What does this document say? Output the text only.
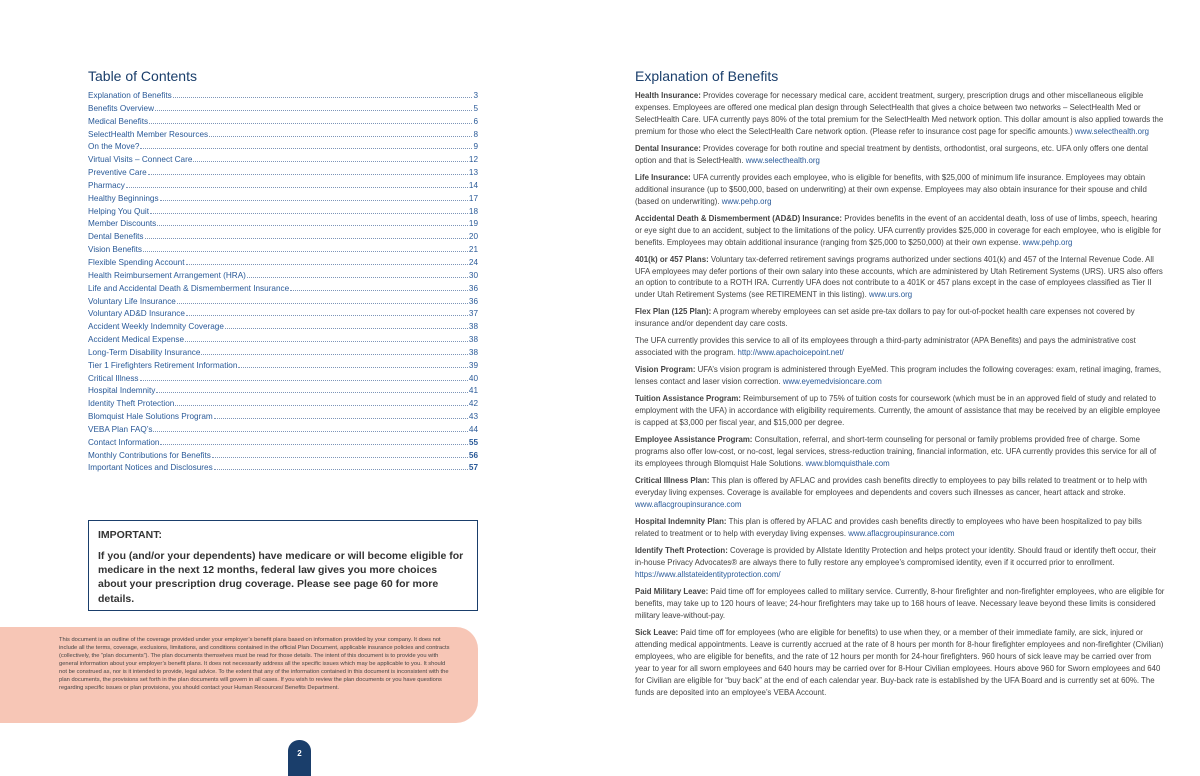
Table of Contents
Explanation of Benefits	3
Benefits Overview	5
Medical Benefits	6
SelectHealth Member Resources	8
On the Move?	9
Virtual Visits – Connect Care	12
Preventive Care	13
Pharmacy	14
Healthy Beginnings	17
Helping You Quit	18
Member Discounts	19
Dental Benefits	20
Vision Benefits	21
Flexible Spending Account	24
Health Reimbursement Arrangement (HRA)	30
Life and Accidental Death & Dismemberment Insurance	36
Voluntary Life Insurance	36
Voluntary AD&D Insurance	37
Accident Weekly Indemnity Coverage	38
Accident Medical Expense	38
Long-Term Disability Insurance	38
Tier 1 Firefighters Retirement Information	39
Critical Illness	40
Hospital Indemnity	41
Identity Theft Protection	42
Blomquist Hale Solutions Program	43
VEBA Plan FAQ’s	44
Contact Information	55
Monthly Contributions for Benefits	56
Important Notices and Disclosures	57
IMPORTANT:
If you (and/or your dependents) have medicare or will become eligible for medicare in the next 12 months, federal law gives you more choices about your prescription drug coverage. Please see page 60 for more details.
This document is an outline of the coverage provided under your employer’s benefit plans based on information provided by your company. It does not include all the terms, coverage, exclusions, limitations, and conditions contained in the official Plan Document, applicable insurance policies and contracts (collectively, the “plan documents”). The plan documents themselves must be read for those details. The intent of this document is to provide you with general information about your employer’s benefit plans. It does not necessarily address all the specific issues which may be applicable to you. It should not be construed as, nor is it intended to provide, legal advice. To the extent that any of the information contained in this document is inconsistent with the plan documents, the provisions set forth in the plan documents will govern in all cases. If you wish to review the plan documents or you have questions regarding specific issues or plan provisions, you should contact your Human Resources/ Benefits Department.
2
Explanation of Benefits

Health Insurance: Provides coverage for necessary medical care, accident treatment, surgery, prescription drugs and other miscellaneous eligible expenses. Employees are offered one medical plan design through SelectHealth that gives a choice between two networks – SelectHealth Med or SelectHealth Care. UFA currently pays 80% of the total premium for the SelectHealth Med network option. This dollar amount is also applied towards the premium for those who elect the SelectHealth Care network option. (Please refer to insurance cost page for specific amounts.) www.selecthealth.org

Dental Insurance: Provides coverage for both routine and special treatment by dentists, orthodontist, oral surgeons, etc. UFA only offers one dental option and that is SelectHealth. www.selecthealth.org

Life Insurance: UFA currently provides each employee, who is eligible for benefits, with $25,000 of minimum life insurance. Employees may obtain additional insurance (up to $500,000, based on underwriting) at their own expense. Employees may also obtain insurance for their spouse and child (based on underwriting). www.pehp.org

Accidental Death & Dismemberment (AD&D) Insurance: Provides benefits in the event of an accidental death, loss of use of limbs, speech, hearing or eye sight due to an accident, subject to the limitations of the policy. UFA currently provides $25,000 in coverage for each employee, who is eligible for benefits. Employees may obtain additional insurance (ranging from $25,000 to $250,000) at their own expense. www.pehp.org

401(k) or 457 Plans: Voluntary tax-deferred retirement savings programs authorized under sections 401(k) and 457 of the Internal Revenue Code. All UFA employees may defer portions of their own salary into these accounts, which are administered by Utah Retirement Systems (URS). URS also offers an option to contribute to a ROTH IRA. Currently UFA does not contribute to a 401K or 457 plans except in the case of employees classified as Tier II under Utah Retirement Systems (see RETIREMENT in this listing). www.urs.org

Flex Plan (125 Plan): A program whereby employees can set aside pre-tax dollars to pay for out-of-pocket health care expenses not covered by insurance and/or dependent day care costs.

The UFA currently provides this service to all of its employees through a third-party administrator (APA Benefits) and pays the administrative cost associated with the program. http://www.apachoicepoint.net/

Vision Program: UFA’s vision program is administered through EyeMed. This program includes the following coverages: exam, retinal imaging, frames, lenses contact and laser vision correction. www.eyemedvisioncare.com

Tuition Assistance Program: Reimbursement of up to 75% of tuition costs for coursework (which must be in an approved field of study and related to employment with the UFA) in accordance with eligibility requirements. Currently, the amount of assistance that may be received by an eligible employee is capped at $3,000 per fiscal year, and $15,000 per degree.

Employee Assistance Program: Consultation, referral, and short-term counseling for personal or family problems provided free of charge. Some programs also offer low-cost, or no-cost, legal services, stress-reduction training, financial information, etc. UFA currently provides this service for all of its employees through Blomquist Hale Solutions. www.blomquisthale.com

Critical Illness Plan: This plan is offered by AFLAC and provides cash benefits directly to employees to pay bills related to treatment or to help with everyday living expenses. Coverage is available for employees and dependents and covers such illnesses as cancer, heart attack and stroke. www.aflacgroupinsurance.com

Hospital Indemnity Plan: This plan is offered by AFLAC and provides cash benefits directly to employees who have been hospitalized to pay bills related to treatment or to help with everyday living expenses. www.aflacgroupinsurance.com

Identify Theft Protection: Coverage is provided by Allstate Identity Protection and helps protect your identity. Should fraud or identify theft occur, their in-house Privacy Advocates® are always there to fully restore any employee’s compromised identity, even if it occurred prior to enrollment. https://www.allstateidentityprotection.com/

Paid Military Leave: Paid time off for employees called to military service. Currently, 8-hour firefighter and non-firefighter employees, who are eligible for benefits, may take up to 120 hours of leave; 24-hour firefighters may take up to 168 hours of leave. Necessary leave beyond these limits is considered military leave-without-pay.

Sick Leave: Paid time off for employees (who are eligible for benefits) to use when they, or a member of their immediate family, are sick, injured or attending medical appointments. Leave is currently accrued at the rate of 8 hours per month for 8-hour firefighter employees and non-firefighter (Civilian) employees, who are eligible for benefits, and the rate of 12 hours per month for 24-hour firefighters. 960 hours of sick leave may be carried over from year to year for all sworn employees and 640 hours may be carried over for 8-Hour Civilian employees. Hours above 960 for Sworn employees and 640 for Civilian are eligible for “buy back” at the end of each calendar year. Buy-back rate is established by the UFA Board and is currently set at 60%. The funds are deposited into an employee’s VEBA Account.
